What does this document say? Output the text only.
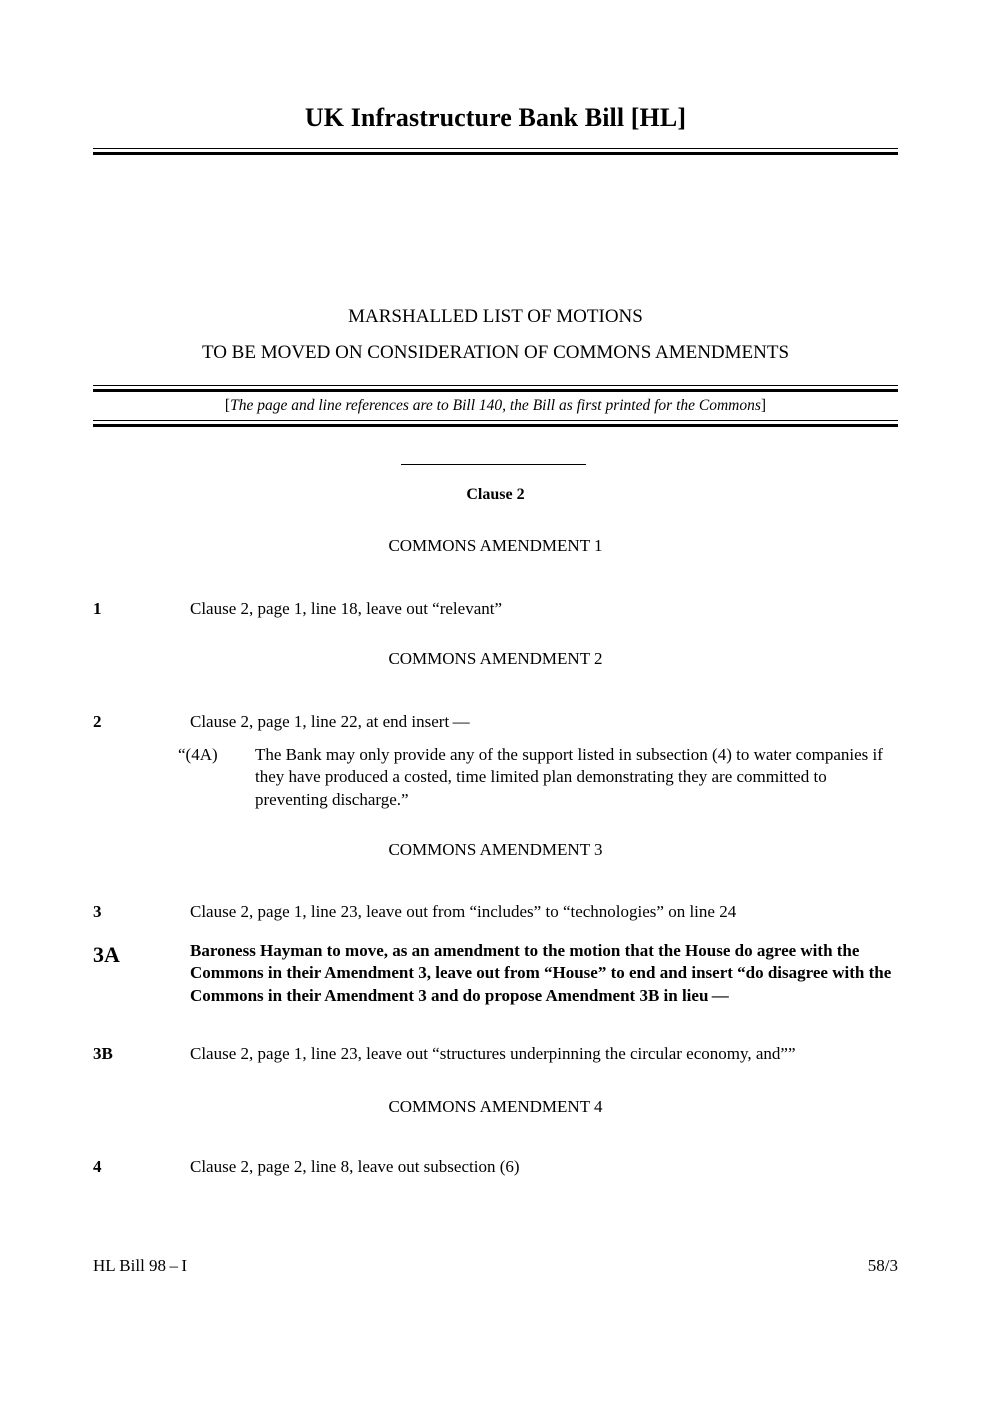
UK Infrastructure Bank Bill [HL]
MARSHALLED LIST OF MOTIONS
TO BE MOVED ON CONSIDERATION OF COMMONS AMENDMENTS
[The page and line references are to Bill 140, the Bill as first printed for the Commons]
Clause 2
COMMONS AMENDMENT 1
1	Clause 2, page 1, line 18, leave out “relevant”
COMMONS AMENDMENT 2
2	Clause 2, page 1, line 22, at end insert —
“(4A)	The Bank may only provide any of the support listed in subsection (4) to water companies if they have produced a costed, time limited plan demonstrating they are committed to preventing discharge.”
COMMONS AMENDMENT 3
3	Clause 2, page 1, line 23, leave out from “includes” to “technologies” on line 24
3A	Baroness Hayman to move, as an amendment to the motion that the House do agree with the Commons in their Amendment 3, leave out from “House” to end and insert “do disagree with the Commons in their Amendment 3 and do propose Amendment 3B in lieu —
3B	Clause 2, page 1, line 23, leave out “structures underpinning the circular economy, and””
COMMONS AMENDMENT 4
4	Clause 2, page 2, line 8, leave out subsection (6)
HL Bill 98 – I	58/3
